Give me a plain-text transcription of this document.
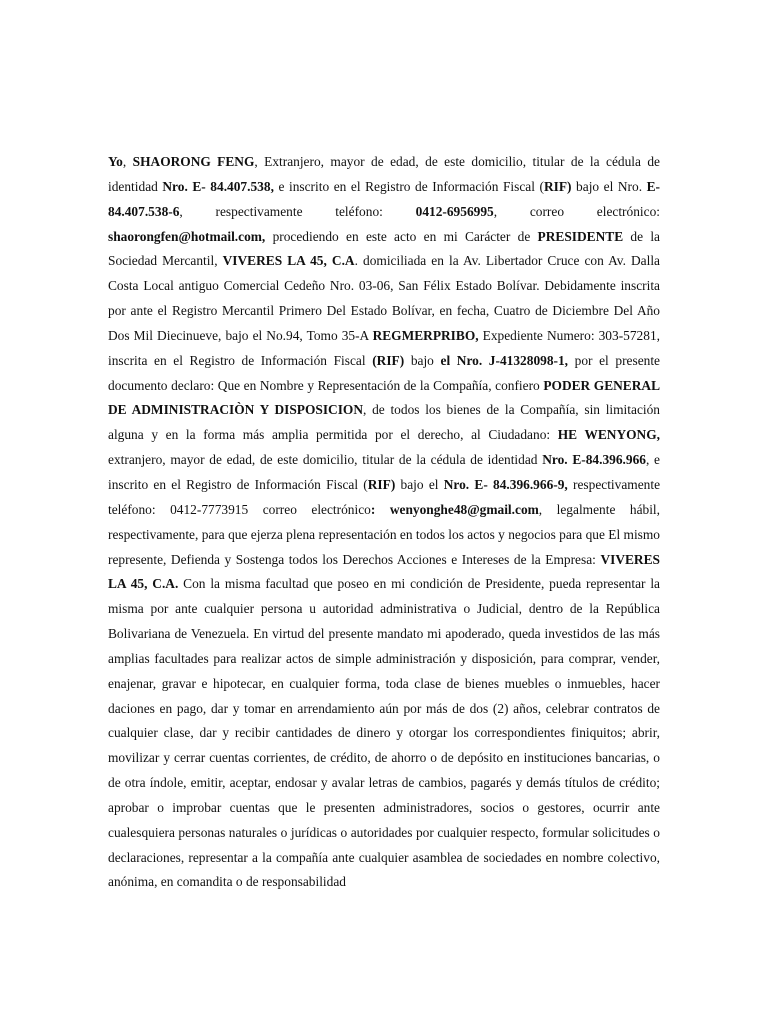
Yo, SHAORONG FENG, Extranjero, mayor de edad, de este domicilio, titular de la cédula de identidad Nro. E- 84.407.538, e inscrito en el Registro de Información Fiscal (RIF) bajo el Nro. E- 84.407.538-6, respectivamente teléfono: 0412-6956995, correo electrónico: shaorongfen@hotmail.com, procediendo en este acto en mi Carácter de PRESIDENTE de la Sociedad Mercantil, VIVERES LA 45, C.A. domiciliada en la Av. Libertador Cruce con Av. Dalla Costa Local antiguo Comercial Cedeño Nro. 03-06, San Félix Estado Bolívar. Debidamente inscrita por ante el Registro Mercantil Primero Del Estado Bolívar, en fecha, Cuatro de Diciembre Del Año Dos Mil Diecinueve, bajo el No.94, Tomo 35-A REGMERPRIBO, Expediente Numero: 303-57281, inscrita en el Registro de Información Fiscal (RIF) bajo el Nro. J-41328098-1, por el presente documento declaro: Que en Nombre y Representación de la Compañía, confiero PODER GENERAL DE ADMINISTRACIÒN Y DISPOSICION, de todos los bienes de la Compañía, sin limitación alguna y en la forma más amplia permitida por el derecho, al Ciudadano: HE WENYONG, extranjero, mayor de edad, de este domicilio, titular de la cédula de identidad Nro. E-84.396.966, e inscrito en el Registro de Información Fiscal (RIF) bajo el Nro. E- 84.396.966-9, respectivamente teléfono: 0412-7773915 correo electrónico: wenyonghe48@gmail.com, legalmente hábil, respectivamente, para que ejerza plena representación en todos los actos y negocios para que El mismo represente, Defienda y Sostenga todos los Derechos Acciones e Intereses de la Empresa: VIVERES LA 45, C.A. Con la misma facultad que poseo en mi condición de Presidente, pueda representar la misma por ante cualquier persona u autoridad administrativa o Judicial, dentro de la República Bolivariana de Venezuela. En virtud del presente mandato mi apoderado, queda investidos de las más amplias facultades para realizar actos de simple administración y disposición, para comprar, vender, enajenar, gravar e hipotecar, en cualquier forma, toda clase de bienes muebles o inmuebles, hacer daciones en pago, dar y tomar en arrendamiento aún por más de dos (2) años, celebrar contratos de cualquier clase, dar y recibir cantidades de dinero y otorgar los correspondientes finiquitos; abrir, movilizar y cerrar cuentas corrientes, de crédito, de ahorro o de depósito en instituciones bancarias, o de otra índole, emitir, aceptar, endosar y avalar letras de cambios, pagarés y demás títulos de crédito; aprobar o improbar cuentas que le presenten administradores, socios o gestores, ocurrir ante cualesquiera personas naturales o jurídicas o autoridades por cualquier respecto, formular solicitudes o declaraciones, representar a la compañía ante cualquier asamblea de sociedades en nombre colectivo, anónima, en comandita o de responsabilidad
